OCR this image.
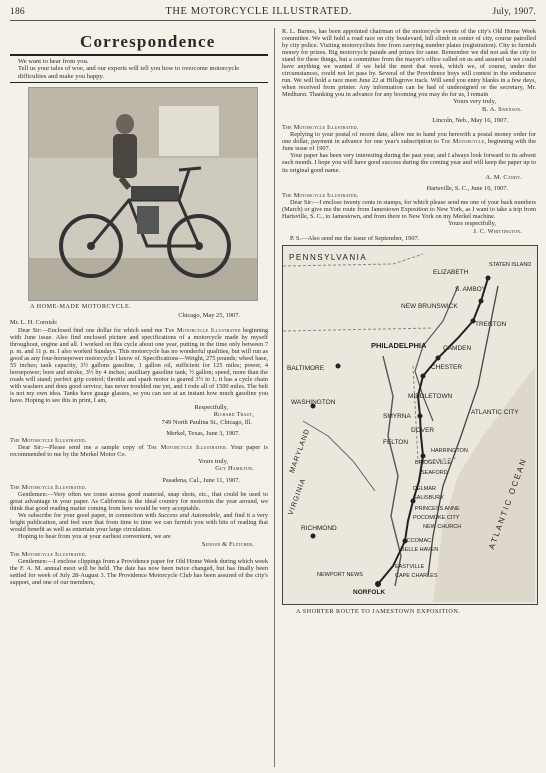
186	THE MOTORCYCLE ILLUSTRATED.	July, 1907.
Correspondence
We want to hear from you.
Tell us your tales of woe, and our experts will tell you how to overcome motorcycle difficulties and make you happy.
A HOME-MADE MOTORCYCLE.
Chicago, May 25, 1907.
Mr. L. H. Cornish:

Dear Sir:—Enclosed find one dollar for which send me The Motorcycle Illustrated beginning with June issue. Also find enclosed picture and specifications of a motorcycle made by myself throughout, engine and all. I worked on this cycle about one year, putting in the time only between 7 p. m. and 11 p. m. I also worked Sundays. This motorcycle has no wonderful qualities, but will run as good as any four-horsepower motorcycle I know of. Specifications—Weight, 275 pounds; wheel base, 55 inches; tank capacity, 3½ gallons gasoline, 1 gallon oil, sufficient for 125 miles; power, 4 horsepower; bore and stroke, 3½ by 4 inches; auxiliary gasoline tank, ½ gallon; speed, more than the roads will stand; perfect grip control; throttle and spark motor is geared 3½ to 1; it has a cycle chain with washers and does good service; has never troubled me yet, and I rode all of 1500 miles. The belt is not my own idea. Tanks have guage glasses, so you can see at an instant how much gasoline you have. Hoping to see this in print, I am,

Respectfully,
Richard Traut,
749 North Paulina St., Chicago, Ill.
Merkel, Texas, June 3, 1907.
The Motorcycle Illustrated.

Dear Sir:—Please send me a sample copy of The Motorcycle Illustrated. Your paper is recommended to me by the Merkel Motor Co.

Yours truly,
Guy Hamilton.
Pasadena, Cal., June 11, 1907.
The Motorcycle Illustrated.

Gentlemen:—Very often we come across good material, snap shots, etc., that could be used to great advantage in your paper. As California is the ideal country for motorists the year around, we think that good reading matter coming from here would be very acceptable.

We subscribe for your good paper, in connection with Success and Automobile, and find it a very bright publication, and feel sure that from time to time we can furnish you with bits of reading that would benefit as well as entertain your large circulation.

Hoping to hear from you at your earliest convenient, we are
Senour & Fletcher.
The Motorcycle Illustrated.

Gentlemen:—I enclose clippings from a Providence paper for Old Home Week during which week the F. A. M. annual meet will be held. The date has now been twice changed, but has finally been settled for week of July 28-August 3. The Providence Motorcycle Club has been assured of the city's support, and one of our members,

R. L. Barnes, has been appointed chairman of the motorcycle events of the city's Old Home Week committee. We will hold a road race on city boulevard, hill climb in center of city, course patrolled by city police. Visiting motorcyclists free from carrying number plates (registration). City to furnish money for prizes. Big motorcycle parade and prizes for same. Remember we did not ask the city to stand for these things, but a committee from the mayor's office called on us and assured us we could have anything we wanted if we held the meet that week, which we, of course, under the circumstances, could not let pass by. Several of the Providence boys will contest in the endurance run. We will hold a race meet June 22 at Hillsgrove track. Will send you entry blanks in a few days, when received from printer. Any information can be had of undersigned or the secretary, Mr. Medhurst. Thanking you in advance for any booming you may do for us, I remain

Yours very truly,
B. A. Swenson.
Lincoln, Neb., May 16, 1907.
The Motorcycle Illustrated.

Replying to your postal of recent date, allow me to hand you herewith a postal money order for one dollar, payment in advance for one year's subscription to The Motorcycle, beginning with the June issue of 1907.

Your paper has been very interesting during the past year, and I always look forward to its advent each month. I hope you will have good success during the coming year and will keep the paper up to its original good name.

A. M. Candy.
Hartsville, S. C., June 10, 1907.
The Motorcycle Illustrated.

Dear Sir:—I enclose twenty cents in stamps, for which please send me one of your back numbers (March) or give me the route from Jamestown Exposition to New York, as I want to take a trip from Hartsville, S. C., to Jamestown, and from there to New York on my Merkel machine.

Yours respectfully,
J. C. Whittington.
P. S.—Also send me the issue of September, 1907.
PENNSYLVANIA
ELIZABETH
S. AMBOY
STATEN ISLAND
NEW BRUNSWICK
TRENTON
PHILADELPHIA	CAMDEN
CHESTER
MIDDLETOWN
SMYRNA
DOVER
BALTIMORE
WASHINGTON
ATLANTIC CITY
FELTON
HARRINGTON
BRIDGEVILLE
SEAFORD
DELMAR
SALISBURY
PRINCESS ANNE
POCOMOKE CITY
NEW CHURCH
ACCOMAC
BELLE HAVEN
EASTVILLE
CAPE CHARLES
RICHMOND
NEWPORT NEWS
NORFOLK
MARYLAND
VIRGINIA	ATLANTIC OCEAN
A SHORTER ROUTE TO JAMESTOWN EXPOSITION.
